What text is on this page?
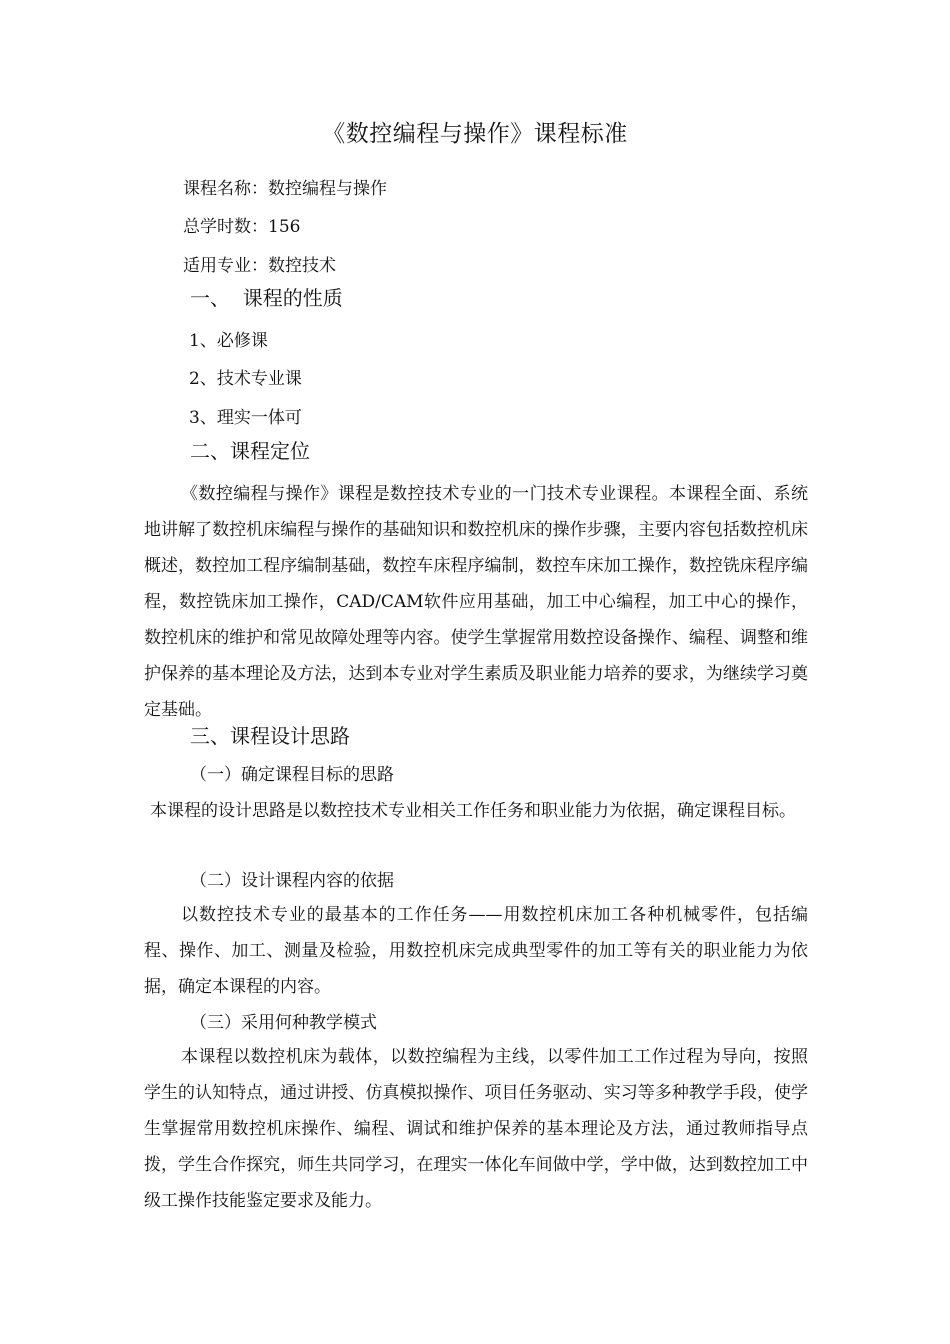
《数控编程与操作》课程标准
课程名称：数控编程与操作
总学时数：156
适用专业：数控技术
一、  课程的性质
1、必修课
2、技术专业课
3、理实一体可
二、课程定位

《数控编程与操作》课程是数控技术专业的一门技术专业课程。本课程全面、系统地讲解了数控机床编程与操作的基础知识和数控机床的操作步骤，主要内容包括数控机床概述，数控加工程序编制基础，数控车床程序编制，数控车床加工操作，数控铣床程序编程，数控铣床加工操作，CAD/CAM软件应用基础，加工中心编程，加工中心的操作，数控机床的维护和常见故障处理等内容。使学生掌握常用数控设备操作、编程、调整和维护保养的基本理论及方法，达到本专业对学生素质及职业能力培养的要求，为继续学习奠定基础。

三、课程设计思路
（一）确定课程目标的思路

本课程的设计思路是以数控技术专业相关工作任务和职业能力为依据，确定课程目标。

（二）设计课程内容的依据

以数控技术专业的最基本的工作任务——用数控机床加工各种机械零件，包括编程、操作、加工、测量及检验，用数控机床完成典型零件的加工等有关的职业能力为依据，确定本课程的内容。

（三）采用何种教学模式

本课程以数控机床为载体，以数控编程为主线，以零件加工工作过程为导向，按照学生的认知特点，通过讲授、仿真模拟操作、项目任务驱动、实习等多种教学手段，使学生掌握常用数控机床操作、编程、调试和维护保养的基本理论及方法，通过教师指导点拨，学生合作探究，师生共同学习，在理实一体化车间做中学，学中做，达到数控加工中级工操作技能鉴定要求及能力。
